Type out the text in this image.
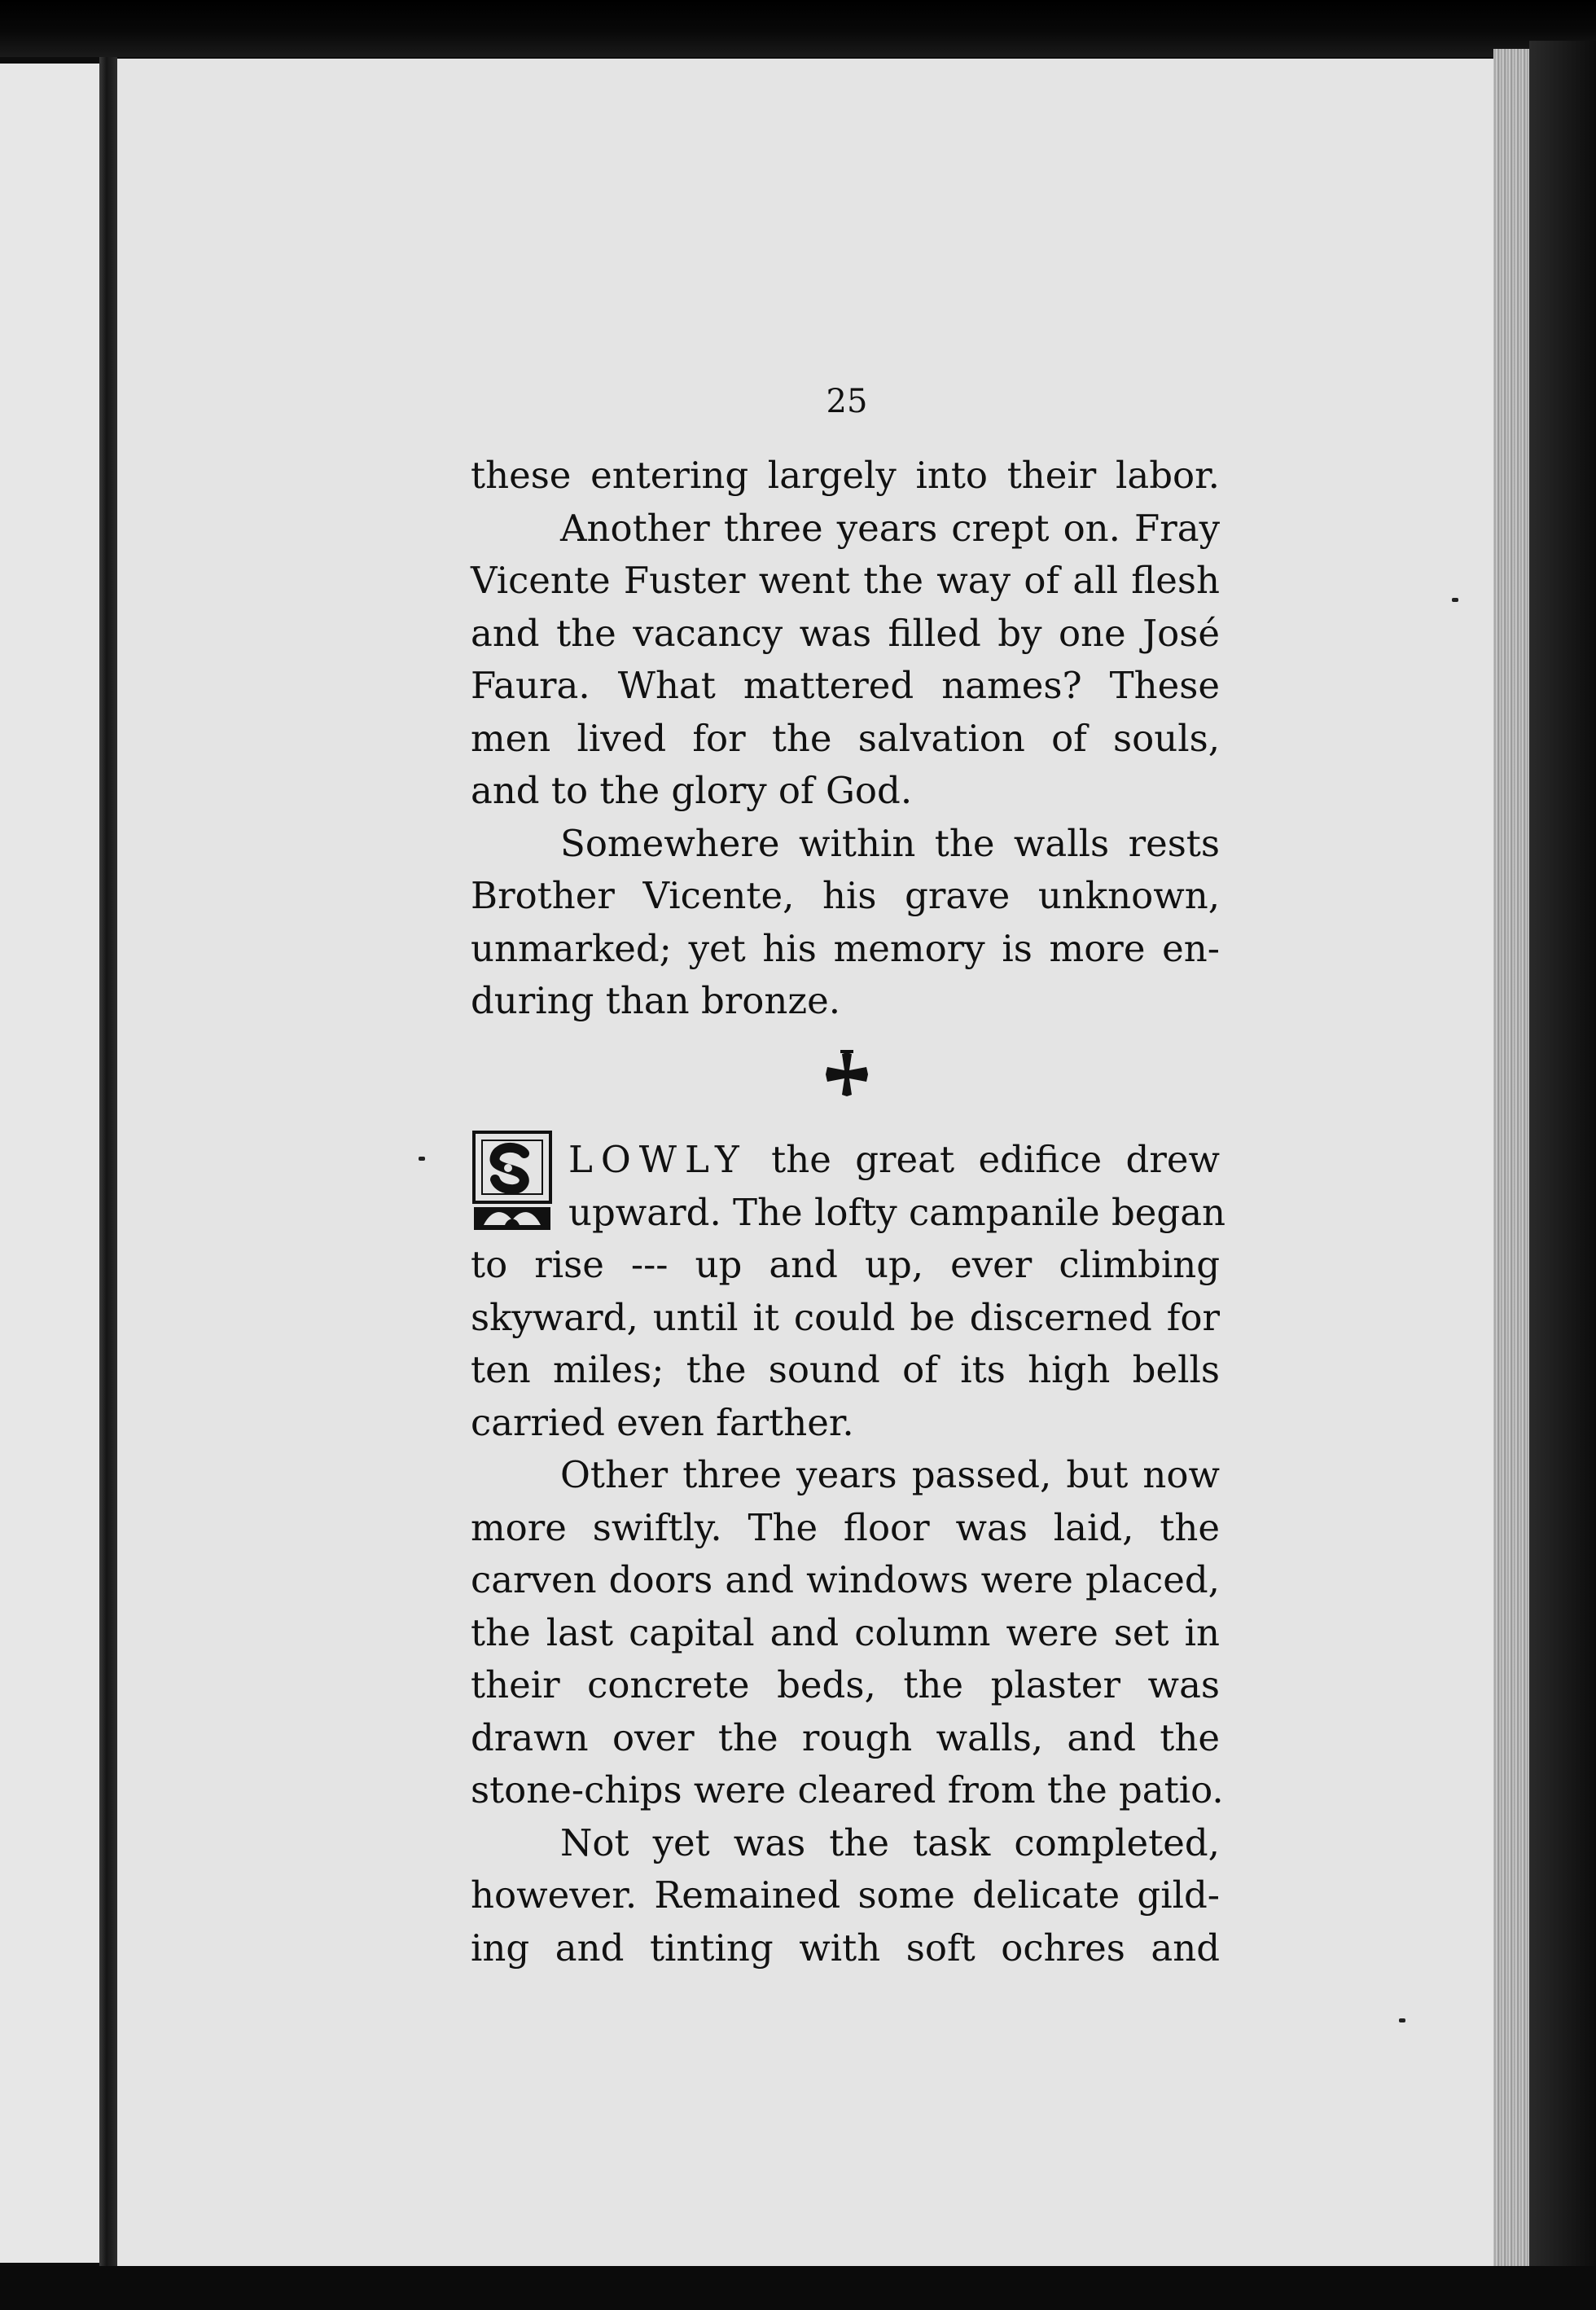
25
these entering largely into their labor.
Another three years crept on. Fray
Vicente Fuster went the way of all flesh
and the vacancy was filled by one José
Faura. What mattered names? These
men lived for the salvation of souls,
and to the glory of God.
Somewhere within the walls rests
Brother Vicente, his grave unknown,
unmarked; yet his memory is more en-
during than bronze.
LOWLY the great edifice drew
upward. The lofty campanile began
to rise --- up and up, ever climbing
skyward, until it could be discerned for
ten miles; the sound of its high bells
carried even farther.
Other three years passed, but now
more swiftly. The floor was laid, the
carven doors and windows were placed,
the last capital and column were set in
their concrete beds, the plaster was
drawn over the rough walls, and the
stone-chips were cleared from the patio.
Not yet was the task completed,
however. Remained some delicate gild-
ing and tinting with soft ochres and
